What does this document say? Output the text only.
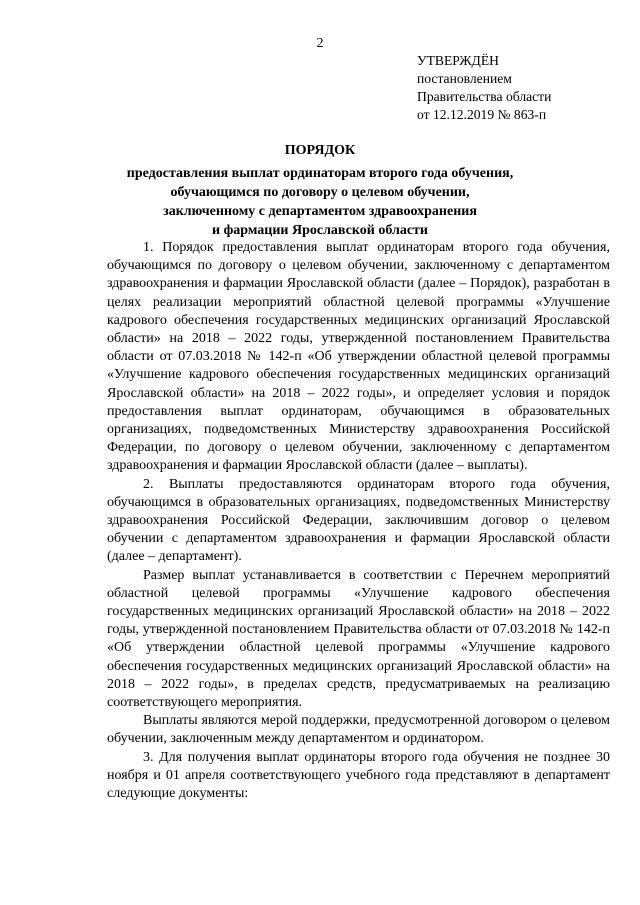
2
УТВЕРЖДЁН
постановлением
Правительства области
от 12.12.2019 № 863-п
ПОРЯДОК
предоставления выплат ординаторам второго года обучения,
обучающимся по договору о целевом обучении,
заключенному с департаментом здравоохранения
и фармации Ярославской области

1. Порядок предоставления выплат ординаторам второго года обучения, обучающимся по договору о целевом обучении, заключенному с департаментом здравоохранения и фармации Ярославской области (далее – Порядок), разработан в целях реализации мероприятий областной целевой программы «Улучшение кадрового обеспечения государственных медицинских организаций Ярославской области» на 2018 – 2022 годы, утвержденной постановлением Правительства области от 07.03.2018 № 142-п «Об утверждении областной целевой программы «Улучшение кадрового обеспечения государственных медицинских организаций Ярославской области» на 2018 – 2022 годы», и определяет условия и порядок предоставления выплат ординаторам, обучающимся в образовательных организациях, подведомственных Министерству здравоохранения Российской Федерации, по договору о целевом обучении, заключенному с департаментом здравоохранения и фармации Ярославской области (далее – выплаты).

2. Выплаты предоставляются ординаторам второго года обучения, обучающимся в образовательных организациях, подведомственных Министерству здравоохранения Российской Федерации, заключившим договор о целевом обучении с департаментом здравоохранения и фармации Ярославской области (далее – департамент).

Размер выплат устанавливается в соответствии с Перечнем мероприятий областной целевой программы «Улучшение кадрового обеспечения государственных медицинских организаций Ярославской области» на 2018 – 2022 годы, утвержденной постановлением Правительства области от 07.03.2018 № 142-п «Об утверждении областной целевой программы «Улучшение кадрового обеспечения государственных медицинских организаций Ярославской области» на 2018 – 2022 годы», в пределах средств, предусматриваемых на реализацию соответствующего мероприятия.

Выплаты являются мерой поддержки, предусмотренной договором о целевом обучении, заключенным между департаментом и ординатором.

3. Для получения выплат ординаторы второго года обучения не позднее 30 ноября и 01 апреля соответствующего учебного года представляют в департамент следующие документы:
